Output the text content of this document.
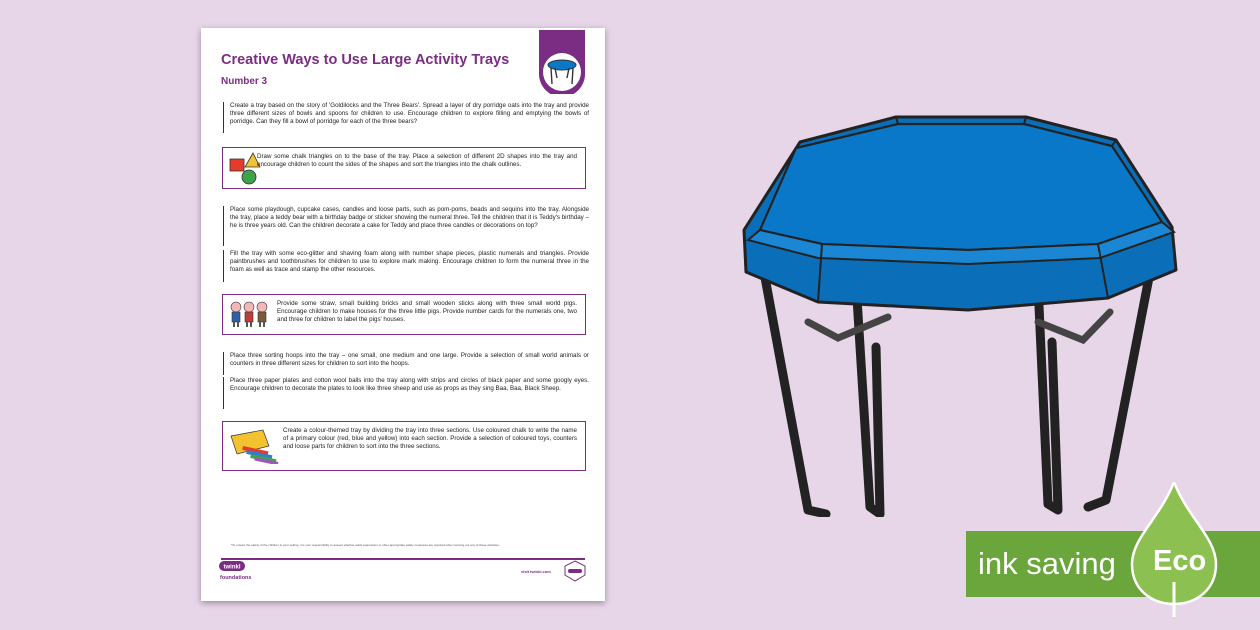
Creative Ways to Use Large Activity Trays
Number 3
Create a tray based on the story of 'Goldilocks and the Three Bears'. Spread a layer of dry porridge oats into the tray and provide three different sizes of bowls and spoons for children to use. Encourage children to explore filling and emptying the bowls of porridge. Can they fill a bowl of porridge for each of the three bears?
Draw some chalk triangles on to the base of the tray. Place a selection of different 2D shapes into the tray and encourage children to count the sides of the shapes and sort the triangles into the chalk outlines.
Place some playdough, cupcake cases, candles and loose parts, such as pom-poms, beads and sequins into the tray. Alongside the tray, place a teddy bear with a birthday badge or sticker showing the numeral three. Tell the children that it is Teddy's birthday – he is three years old. Can the children decorate a cake for Teddy and place three candles or decorations on top?
Fill the tray with some eco-glitter and shaving foam along with number shape pieces, plastic numerals and triangles. Provide paintbrushes and toothbrushes for children to use to explore mark making. Encourage children to form the numeral three in the foam as well as trace and stamp the other resources.
Provide some straw, small building bricks and small wooden sticks along with three small world pigs. Encourage children to make houses for the three little pigs. Provide number cards for the numerals one, two and three for children to label the pigs' houses.
Place three sorting hoops into the tray – one small, one medium and one large. Provide a selection of small world animals or counters in three different sizes for children to sort into the hoops.
Place three paper plates and cotton wool balls into the tray along with strips and circles of black paper and some googly eyes. Encourage children to decorate the plates to look like three sheep and use as props as they sing Baa, Baa, Black Sheep.
Create a colour-themed tray by dividing the tray into three sections. Use coloured chalk to write the name of a primary colour (red, blue and yellow) into each section. Provide a selection of coloured toys, counters and loose parts for children to sort into the three sections.
*To ensure the safety of the children in your setting, it is your responsibility to assess whether adult supervision or other appropriate safety measures are required when carrying out any of these activities.
twinkl
foundations
visit twinkl.com	ink saving Eco
